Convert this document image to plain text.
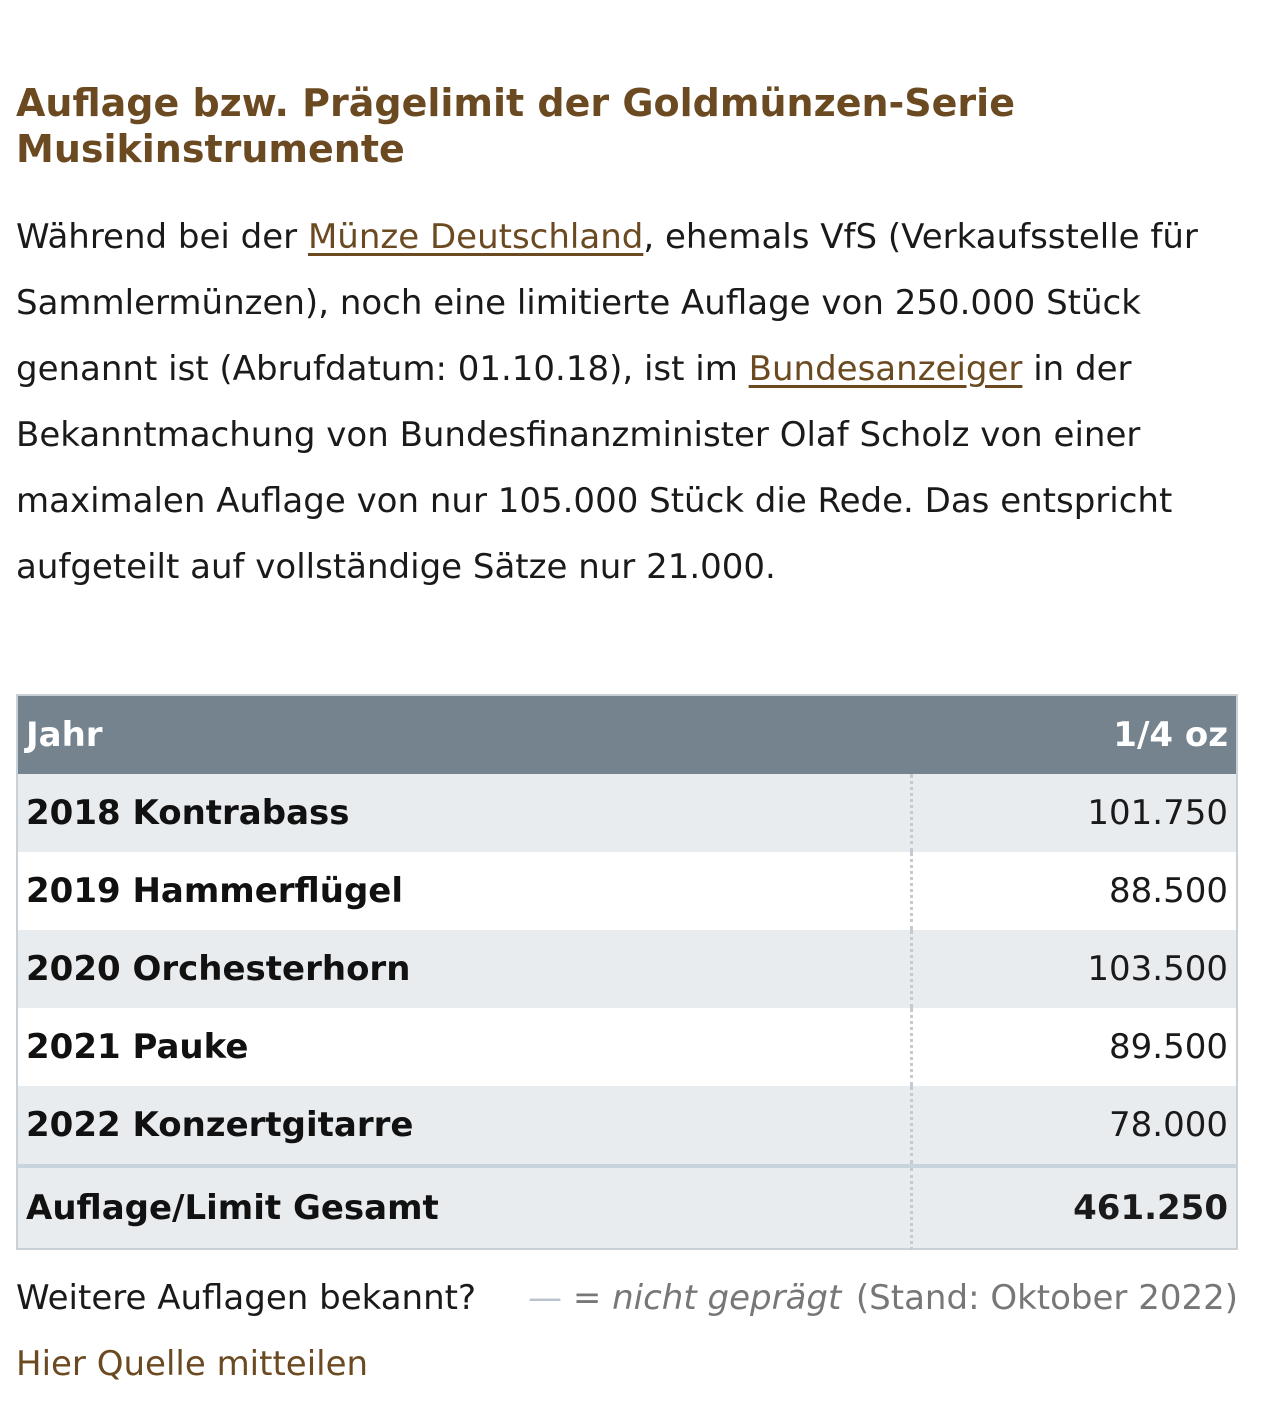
Auflage bzw. Prägelimit der Goldmünzen-Serie Musikinstrumente

Während bei der Münze Deutschland, ehemals VfS (Verkaufsstelle für Sammlermünzen), noch eine limitierte Auflage von 250.000 Stück genannt ist (Abrufdatum: 01.10.18), ist im Bundesanzeiger in der Bekanntmachung von Bundesfinanzminister Olaf Scholz von einer maximalen Auflage von nur 105.000 Stück die Rede. Das entspricht aufgeteilt auf vollständige Sätze nur 21.000.

Jahr	1/4 oz
2018 Kontrabass	101.750
2019 Hammerflügel	88.500
2020 Orchesterhorn	103.500
2021 Pauke	89.500
2022 Konzertgitarre	78.000
Auflage/Limit Gesamt	461.250
Weitere Auflagen bekannt? — = nicht geprägt (Stand: Oktober 2022)
Hier Quelle mitteilen
